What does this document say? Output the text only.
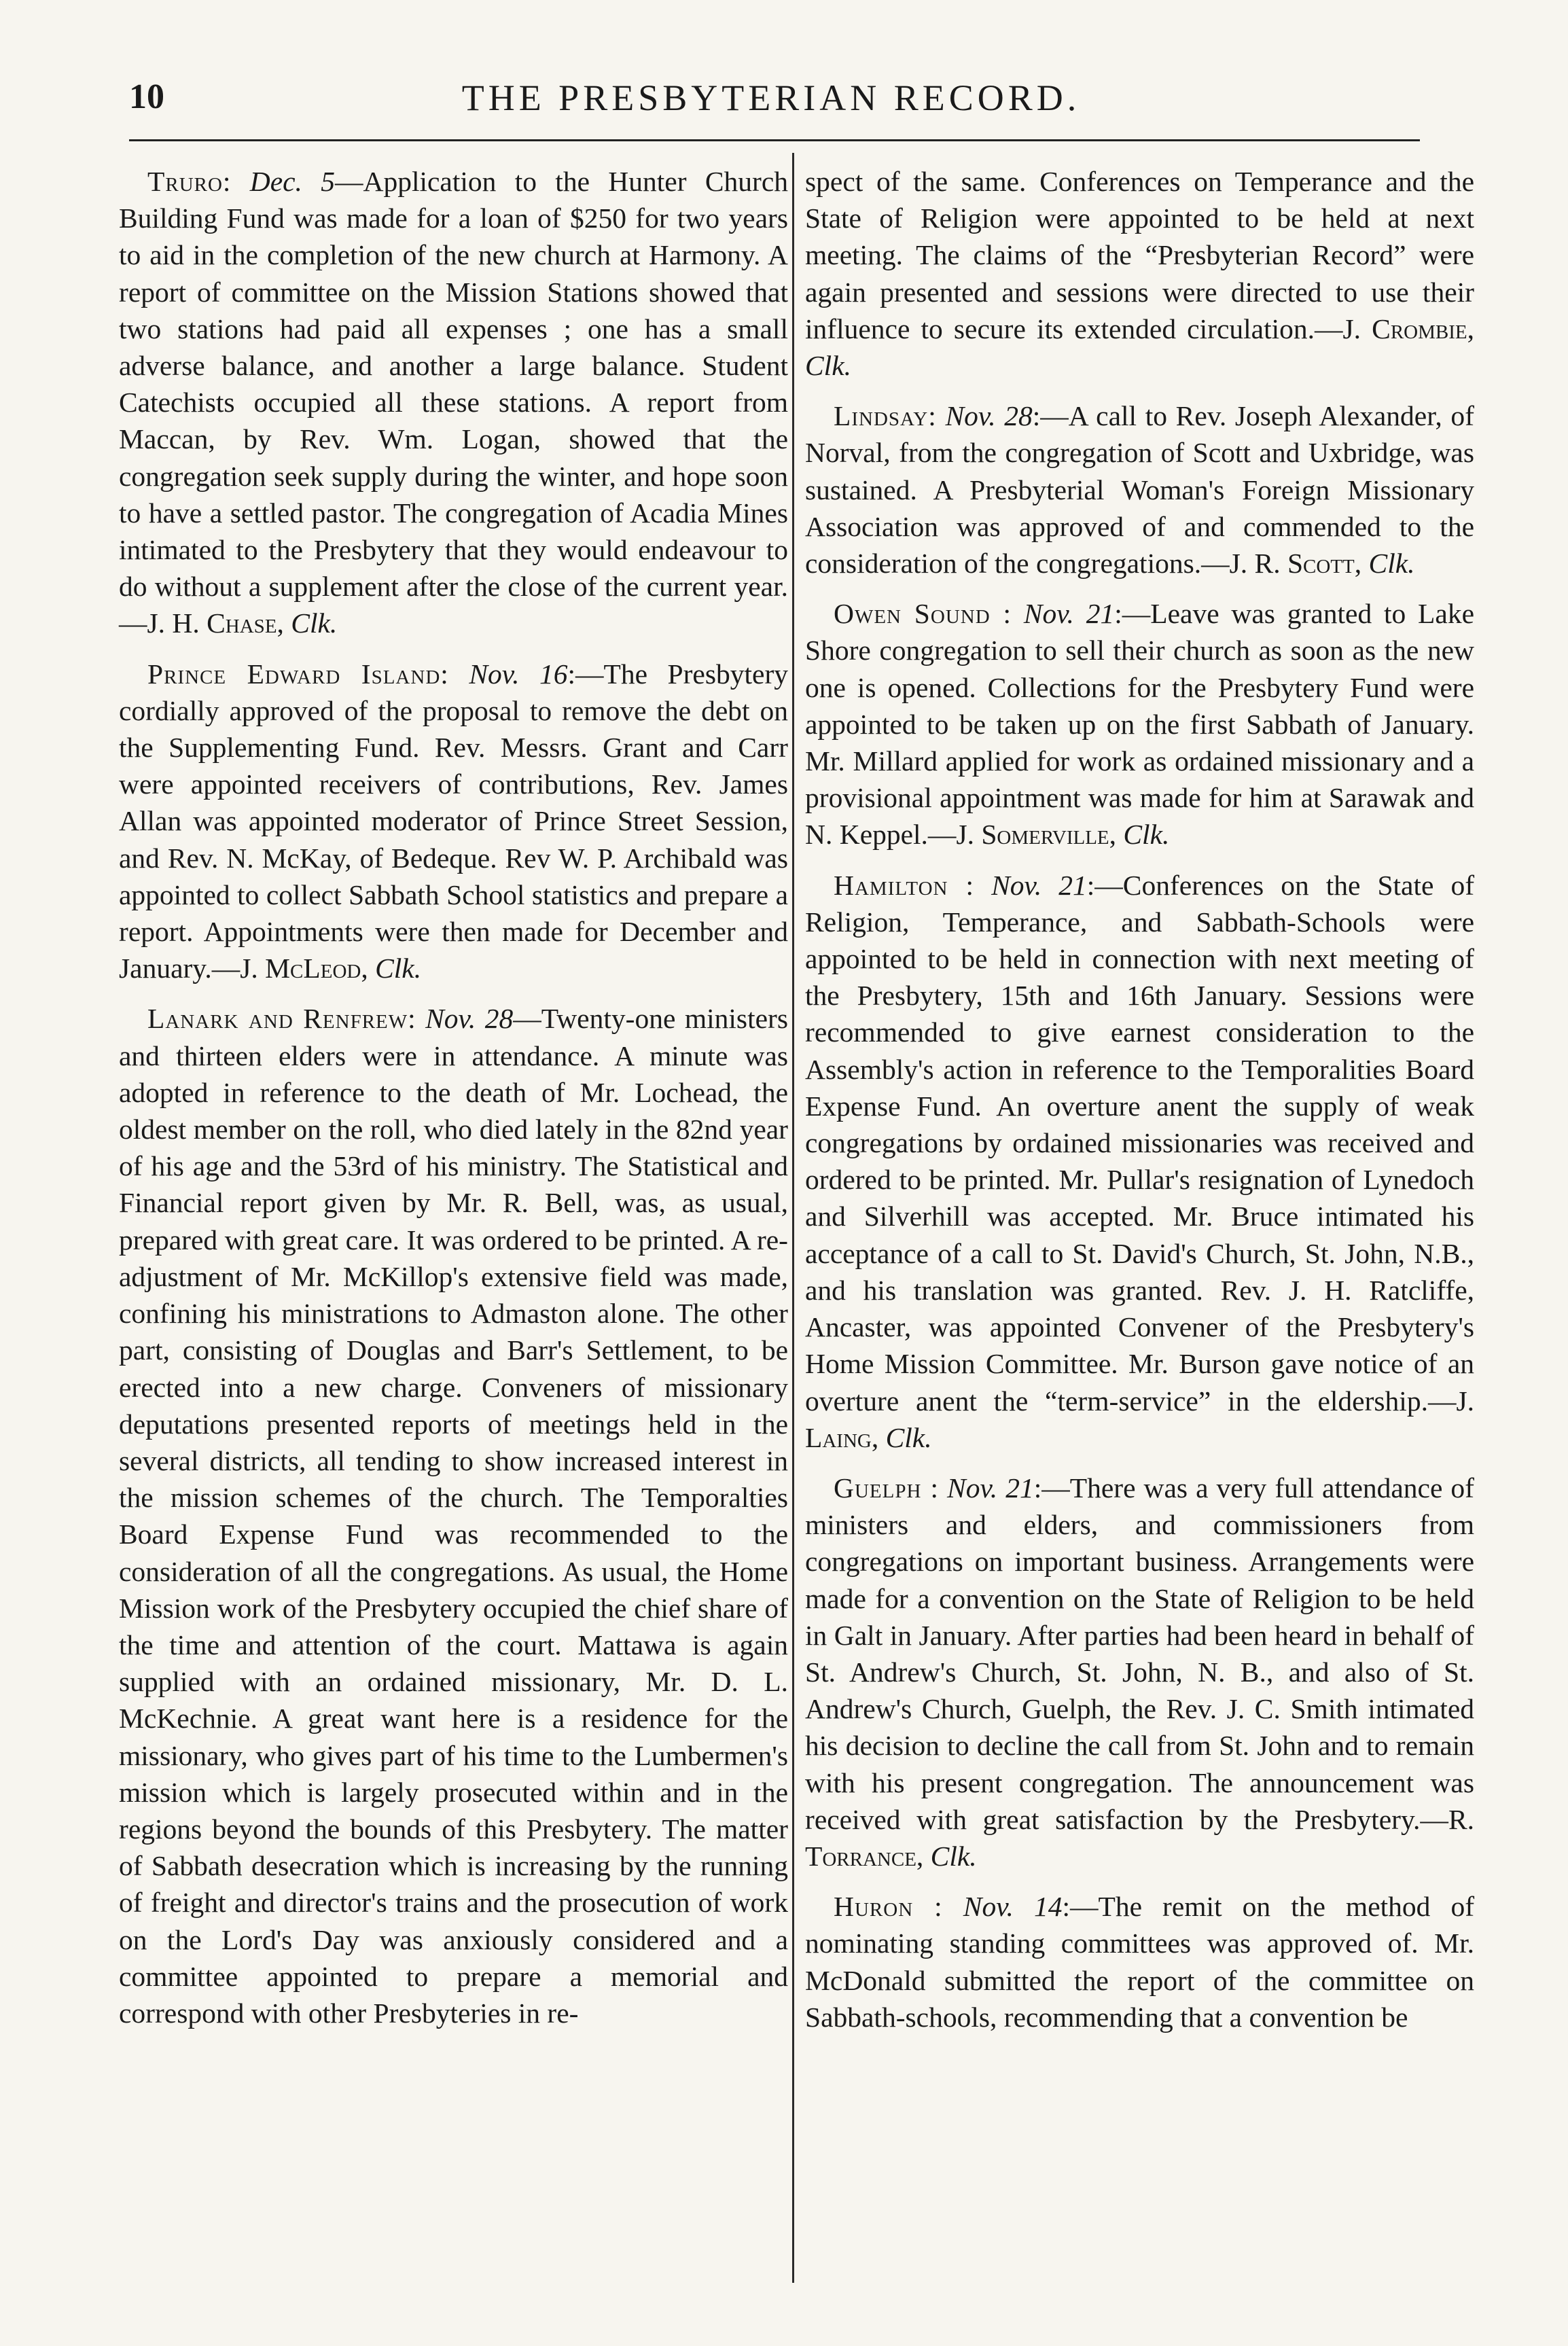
10	THE PRESBYTERIAN RECORD.

Truro: Dec. 5—Application to the Hunter Church Building Fund was made for a loan of $250 for two years to aid in the completion of the new church at Harmony. A report of committee on the Mission Stations showed that two stations had paid all expenses ; one has a small adverse balance, and another a large balance. Student Catechists occupied all these stations. A report from Maccan, by Rev. Wm. Logan, showed that the congregation seek supply during the winter, and hope soon to have a settled pastor. The congregation of Acadia Mines intimated to the Presbytery that they would endeavour to do without a supplement after the close of the current year.—J. H. Chase, Clk.

Prince Edward Island: Nov. 16:—The Presbytery cordially approved of the proposal to remove the debt on the Supplementing Fund. Rev. Messrs. Grant and Carr were appointed receivers of contributions, Rev. James Allan was appointed moderator of Prince Street Session, and Rev. N. McKay, of Bedeque. Rev W. P. Archibald was appointed to collect Sabbath School statistics and prepare a report. Appointments were then made for December and January.—J. McLeod, Clk.

Lanark and Renfrew: Nov. 28—Twenty-one ministers and thirteen elders were in attendance. A minute was adopted in reference to the death of Mr. Lochead, the oldest member on the roll, who died lately in the 82nd year of his age and the 53rd of his ministry. The Statistical and Financial report given by Mr. R. Bell, was, as usual, prepared with great care. It was ordered to be printed. A re-adjustment of Mr. McKillop's extensive field was made, confining his ministrations to Admaston alone. The other part, consisting of Douglas and Barr's Settlement, to be erected into a new charge. Conveners of missionary deputations presented reports of meetings held in the several districts, all tending to show increased interest in the mission schemes of the church. The Temporalties Board Expense Fund was recommended to the consideration of all the congregations. As usual, the Home Mission work of the Presbytery occupied the chief share of the time and attention of the court. Mattawa is again supplied with an ordained missionary, Mr. D. L. McKechnie. A great want here is a residence for the missionary, who gives part of his time to the Lumbermen's mission which is largely prosecuted within and in the regions beyond the bounds of this Presbytery. The matter of Sabbath desecration which is increasing by the running of freight and director's trains and the prosecution of work on the Lord's Day was anxiously considered and a committee appointed to prepare a memorial and correspond with other Presbyteries in re-

spect of the same. Conferences on Temperance and the State of Religion were appointed to be held at next meeting. The claims of the “Presbyterian Record” were again presented and sessions were directed to use their influence to secure its extended circulation.—J. Crombie, Clk.

Lindsay: Nov. 28:—A call to Rev. Joseph Alexander, of Norval, from the congregation of Scott and Uxbridge, was sustained. A Presbyterial Woman's Foreign Missionary Association was approved of and commended to the consideration of the congregations.—J. R. Scott, Clk.

Owen Sound : Nov. 21:—Leave was granted to Lake Shore congregation to sell their church as soon as the new one is opened. Collections for the Presbytery Fund were appointed to be taken up on the first Sabbath of January. Mr. Millard applied for work as ordained missionary and a provisional appointment was made for him at Sarawak and N. Keppel.—J. Somerville, Clk.

Hamilton : Nov. 21:—Conferences on the State of Religion, Temperance, and Sabbath-Schools were appointed to be held in connection with next meeting of the Presbytery, 15th and 16th January. Sessions were recommended to give earnest consideration to the Assembly's action in reference to the Temporalities Board Expense Fund. An overture anent the supply of weak congregations by ordained missionaries was received and ordered to be printed. Mr. Pullar's resignation of Lynedoch and Silverhill was accepted. Mr. Bruce intimated his acceptance of a call to St. David's Church, St. John, N.B., and his translation was granted. Rev. J. H. Ratcliffe, Ancaster, was appointed Convener of the Presbytery's Home Mission Committee. Mr. Burson gave notice of an overture anent the “term-service” in the eldership.—J. Laing, Clk.

Guelph : Nov. 21:—There was a very full attendance of ministers and elders, and commissioners from congregations on important business. Arrangements were made for a convention on the State of Religion to be held in Galt in January. After parties had been heard in behalf of St. Andrew's Church, St. John, N. B., and also of St. Andrew's Church, Guelph, the Rev. J. C. Smith intimated his decision to decline the call from St. John and to remain with his present congregation. The announcement was received with great satisfaction by the Presbytery.—R. Torrance, Clk.

Huron : Nov. 14:—The remit on the method of nominating standing committees was approved of. Mr. McDonald submitted the report of the committee on Sabbath-schools, recommending that a convention be
